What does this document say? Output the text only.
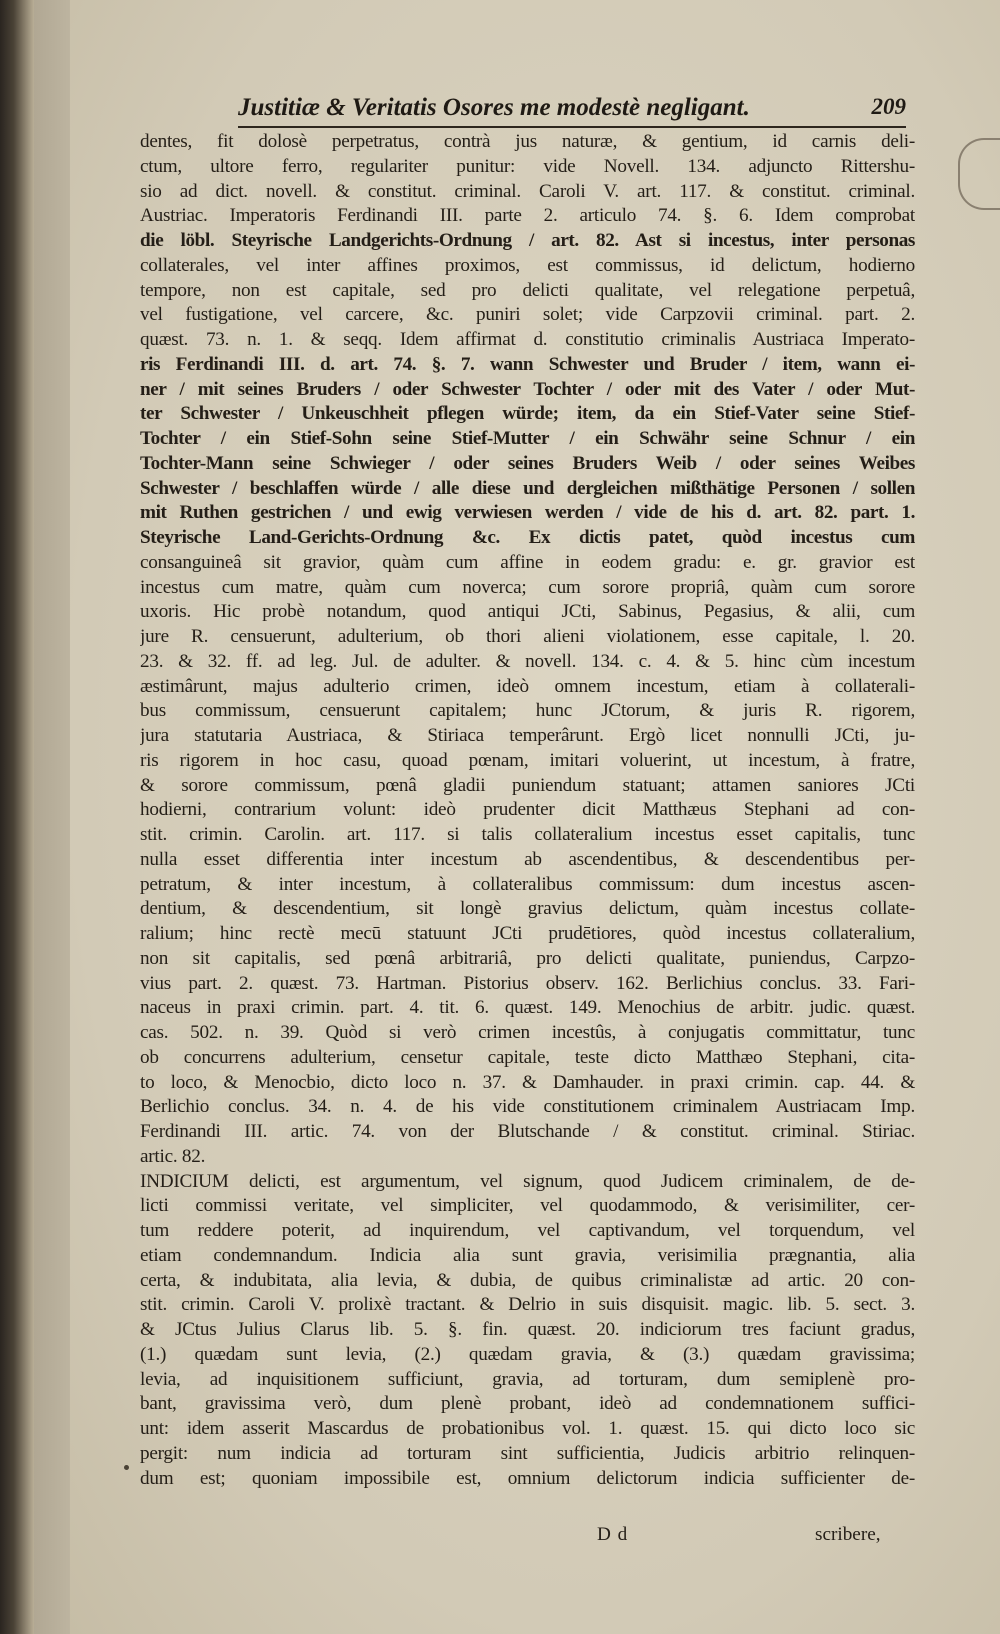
Justitiæ & Veritatis Osores me modestè negligant.	209
dentes, fit dolosè perpetratus, contrà jus naturæ, & gentium, id carnis deli-
ctum, ultore ferro, regulariter punitur: vide Novell. 134. adjuncto Rittershu-
sio ad dict. novell. & constitut. criminal. Caroli V. art. 117. & constitut. criminal.
Austriac. Imperatoris Ferdinandi III. parte 2. articulo 74. §. 6. Idem comprobat
die löbl. Steyrische Landgerichts-Ordnung / art. 82. Ast si incestus, inter personas
collaterales, vel inter affines proximos, est commissus, id delictum, hodierno
tempore, non est capitale, sed pro delicti qualitate, vel relegatione perpetuâ,
vel fustigatione, vel carcere, &c. puniri solet; vide Carpzovii criminal. part. 2.
quæst. 73. n. 1. & seqq. Idem affirmat d. constitutio criminalis Austriaca Imperato-
ris Ferdinandi III. d. art. 74. §. 7. wann Schwester und Bruder / item, wann ei-
ner / mit seines Bruders / oder Schwester Tochter / oder mit des Vater / oder Mut-
ter Schwester / Unkeuschheit pflegen würde; item, da ein Stief-Vater seine Stief-
Tochter / ein Stief-Sohn seine Stief-Mutter / ein Schwähr seine Schnur / ein
Tochter-Mann seine Schwieger / oder seines Bruders Weib / oder seines Weibes
Schwester / beschlaffen würde / alle diese und dergleichen mißthätige Personen / sollen
mit Ruthen gestrichen / und ewig verwiesen werden / vide de his d. art. 82. part. 1.
Steyrische Land-Gerichts-Ordnung &c. Ex dictis patet, quòd incestus cum
consanguineâ sit gravior, quàm cum affine in eodem gradu: e. gr. gravior est
incestus cum matre, quàm cum noverca; cum sorore propriâ, quàm cum sorore
uxoris. Hic probè notandum, quod antiqui JCti, Sabinus, Pegasius, & alii, cum
jure R. censuerunt, adulterium, ob thori alieni violationem, esse capitale, l. 20.
23. & 32. ff. ad leg. Jul. de adulter. & novell. 134. c. 4. & 5. hinc cùm incestum
æstimârunt, majus adulterio crimen, ideò omnem incestum, etiam à collaterali-
bus commissum, censuerunt capitalem; hunc JCtorum, & juris R. rigorem,
jura statutaria Austriaca, & Stiriaca temperârunt. Ergò licet nonnulli JCti, ju-
ris rigorem in hoc casu, quoad pœnam, imitari voluerint, ut incestum, à fratre,
& sorore commissum, pœnâ gladii puniendum statuant; attamen saniores JCti
hodierni, contrarium volunt: ideò prudenter dicit Matthæus Stephani ad con-
stit. crimin. Carolin. art. 117. si talis collateralium incestus esset capitalis, tunc
nulla esset differentia inter incestum ab ascendentibus, & descendentibus per-
petratum, & inter incestum, à collateralibus commissum: dum incestus ascen-
dentium, & descendentium, sit longè gravius delictum, quàm incestus collate-
ralium; hinc rectè mecū statuunt JCti prudētiores, quòd incestus collateralium,
non sit capitalis, sed pœnâ arbitrariâ, pro delicti qualitate, puniendus, Carpzo-
vius part. 2. quæst. 73. Hartman. Pistorius observ. 162. Berlichius conclus. 33. Fari-
naceus in praxi crimin. part. 4. tit. 6. quæst. 149. Menochius de arbitr. judic. quæst.
cas. 502. n. 39. Quòd si verò crimen incestûs, à conjugatis committatur, tunc
ob concurrens adulterium, censetur capitale, teste dicto Matthæo Stephani, cita-
to loco, & Menocbio, dicto loco n. 37. & Damhauder. in praxi crimin. cap. 44. &
Berlichio conclus. 34. n. 4. de his vide constitutionem criminalem Austriacam Imp.
Ferdinandi III. artic. 74. von der Blutschande / & constitut. criminal. Stiriac.
artic. 82.
INDICIUM delicti, est argumentum, vel signum, quod Judicem criminalem, de de-
licti commissi veritate, vel simpliciter, vel quodammodo, & verisimiliter, cer-
tum reddere poterit, ad inquirendum, vel captivandum, vel torquendum, vel
etiam condemnandum. Indicia alia sunt gravia, verisimilia prægnantia, alia
certa, & indubitata, alia levia, & dubia, de quibus criminalistæ ad artic. 20 con-
stit. crimin. Caroli V. prolixè tractant. & Delrio in suis disquisit. magic. lib. 5. sect. 3.
& JCtus Julius Clarus lib. 5. §. fin. quæst. 20. indiciorum tres faciunt gradus,
(1.) quædam sunt levia, (2.) quædam gravia, & (3.) quædam gravissima;
levia, ad inquisitionem sufficiunt, gravia, ad torturam, dum semiplenè pro-
bant, gravissima verò, dum plenè probant, ideò ad condemnationem suffici-
unt: idem asserit Mascardus de probationibus vol. 1. quæst. 15. qui dicto loco sic
pergit: num indicia ad torturam sint sufficientia, Judicis arbitrio relinquen-
dum est; quoniam impossibile est, omnium delictorum indicia sufficienter de-
D d	scribere,
